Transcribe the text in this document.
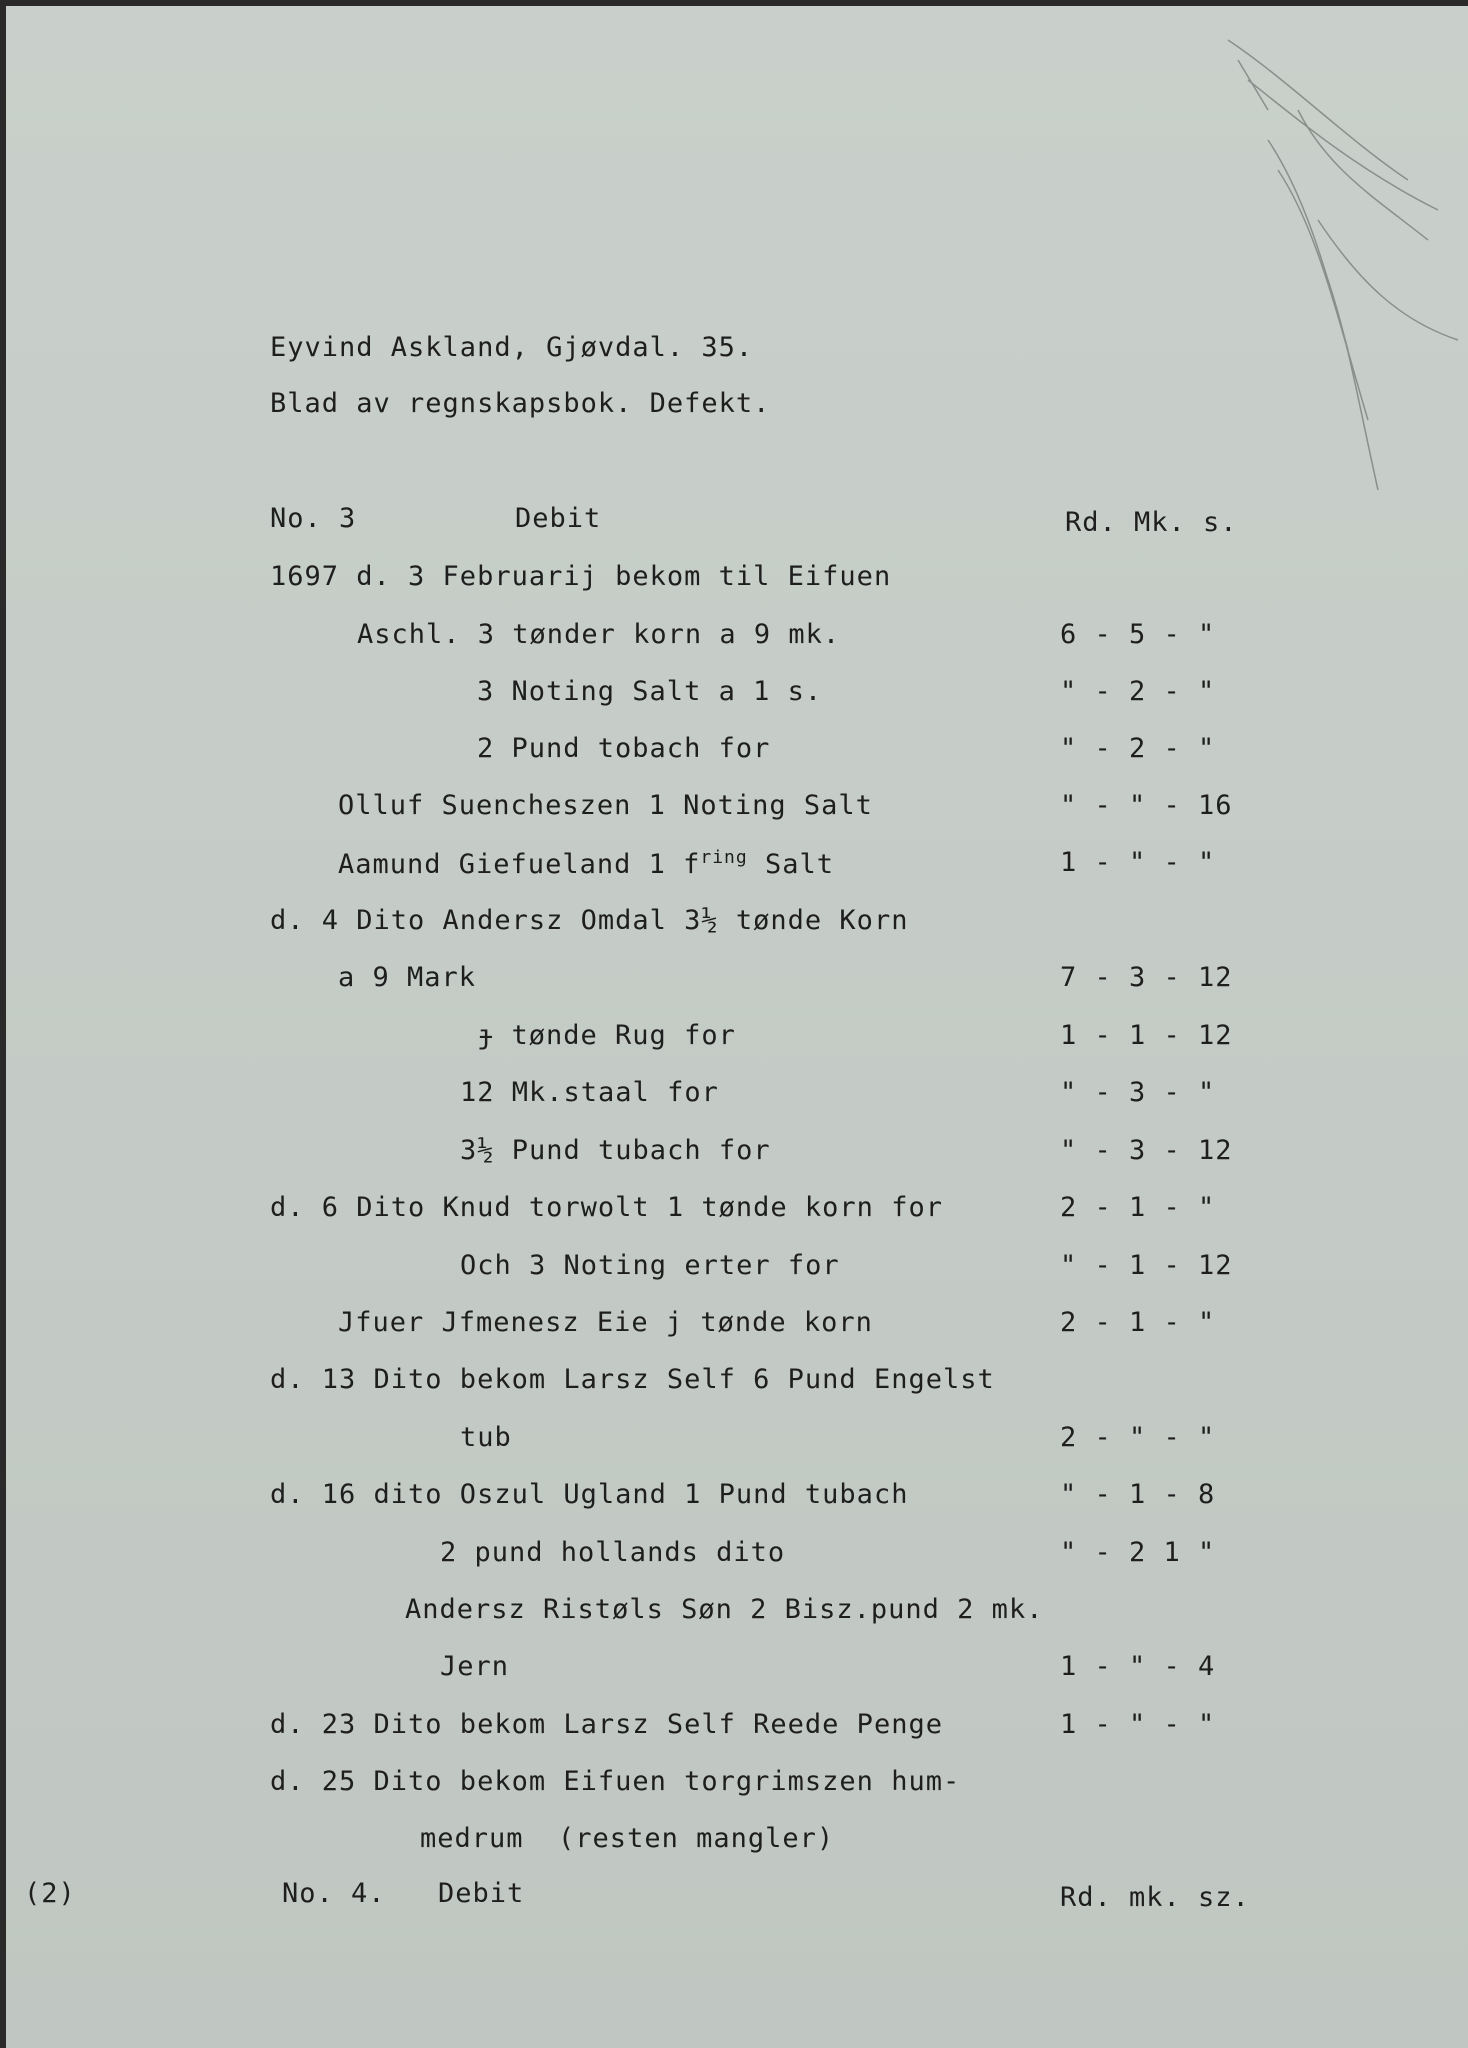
Eyvind Askland, Gjøvdal. 35.
Blad av regnskapsbok. Defekt.
No. 3	Debit	Rd. Mk. s.
1697 d. 3 Februarij bekom til Eifuen
Aschl. 3 tønder korn a 9 mk.	6 - 5 - "
3 Noting Salt a 1 s.	" - 2 - "
2 Pund tobach for	" - 2 - "
Olluf Suencheszen 1 Noting Salt	" - " - 16
Aamund Giefueland 1 $f^{ring}$ Salt	1 - " - "
d. 4 Dito Andersz Omdal 3½ tønde Korn
a 9 Mark	7 - 3 - 12
ɟ tønde Rug for	1 - 1 - 12
12 Mk.staal for	" - 3 - "
3½ Pund tubach for	" - 3 - 12
d. 6 Dito Knud torwolt 1 tønde korn for	2 - 1 - "
Och 3 Noting erter for	" - 1 - 12
Jfuer Jfmenesz Eie j tønde korn	2 - 1 - "
d. 13 Dito bekom Larsz Self 6 Pund Engelst
tub	2 - " - "
d. 16 dito Oszul Ugland 1 Pund tubach	" - 1 - 8
2 pund hollands dito	" - 2 1 "
Andersz Ristøls Søn 2 Bisz.pund 2 mk.
Jern	1 - " - 4
d. 23 Dito bekom Larsz Self Reede Penge	1 - " - "
d. 25 Dito bekom Eifuen torgrimszen hum-
medrum  (resten mangler)
(2)	No. 4. Debit	Rd. mk. sz.
